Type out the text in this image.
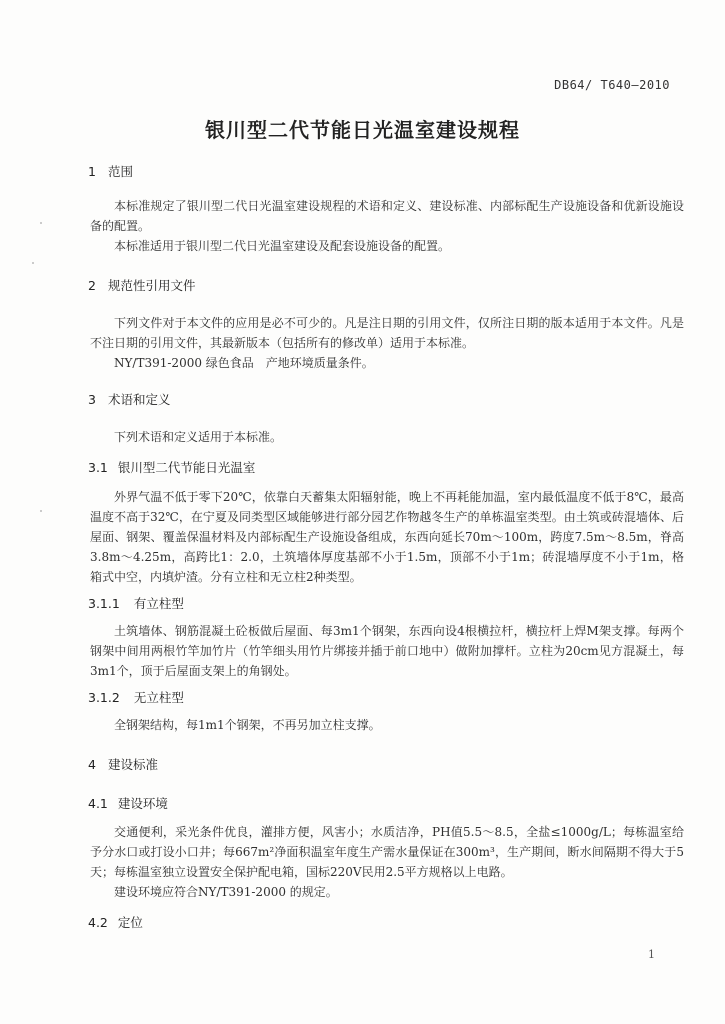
DB64/ T640—2010
银川型二代节能日光温室建设规程
1 范围
本标准规定了银川型二代日光温室建设规程的术语和定义、建设标准、内部标配生产设施设备和优新设施设备的配置。
本标准适用于银川型二代日光温室建设及配套设施设备的配置。
2 规范性引用文件
下列文件对于本文件的应用是必不可少的。凡是注日期的引用文件，仅所注日期的版本适用于本文件。凡是不注日期的引用文件，其最新版本（包括所有的修改单）适用于本标准。
NY/T391-2000 绿色食品　产地环境质量条件。
3 术语和定义
下列术语和定义适用于本标准。
3.1 银川型二代节能日光温室
外界气温不低于零下20℃，依靠白天蓄集太阳辐射能，晚上不再耗能加温，室内最低温度不低于8℃，最高温度不高于32℃，在宁夏及同类型区域能够进行部分园艺作物越冬生产的单栋温室类型。由土筑或砖混墙体、后屋面、钢架、覆盖保温材料及内部标配生产设施设备组成，东西向延长70m～100m，跨度7.5m～8.5m，脊高3.8m～4.25m，高跨比1：2.0，土筑墙体厚度基部不小于1.5m，顶部不小于1m；砖混墙厚度不小于1m，格箱式中空，内填炉渣。分有立柱和无立柱2种类型。
3.1.1 有立柱型
土筑墙体、钢筋混凝土砼板做后屋面、每3m1个钢架，东西向设4根横拉杆，横拉杆上焊M架支撑。每两个钢架中间用两根竹竿加竹片（竹竿细头用竹片绑接并插于前口地中）做附加撑杆。立柱为20cm见方混凝土，每3m1个，顶于后屋面支架上的角钢处。
3.1.2 无立柱型
全钢架结构，每1m1个钢架，不再另加立柱支撑。
4 建设标准
4.1 建设环境
交通便利，采光条件优良，灌排方便，风害小；水质洁净，PH值5.5～8.5，全盐≤1000g/L；每栋温室给予分水口或打设小口井；每667m²净面积温室年度生产需水量保证在300m³，生产期间，断水间隔期不得大于5天；每栋温室独立设置安全保护配电箱，国标220V民用2.5平方规格以上电路。
建设环境应符合NY/T391-2000 的规定。
4.2 定位
1
